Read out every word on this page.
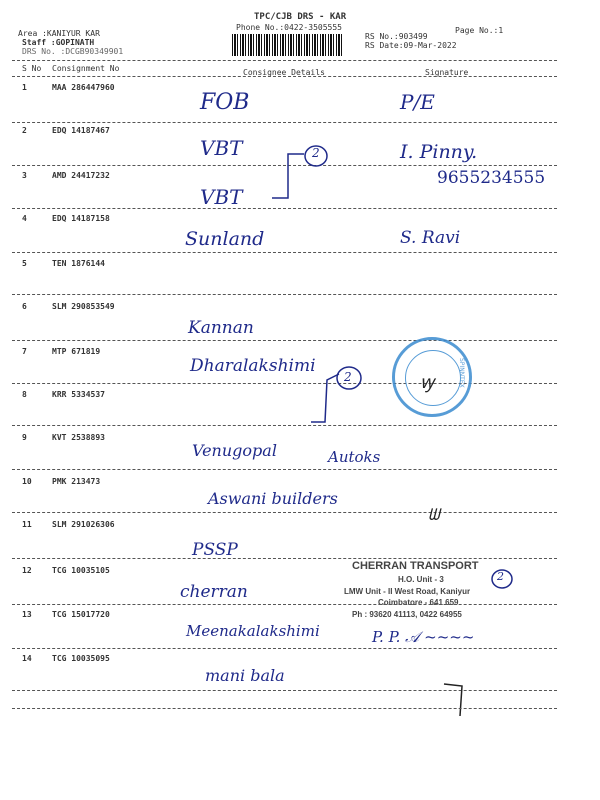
TPC/CJB DRS - KAR
Phone No.:0422-3505555
Area :KANIYUR KAR
Staff :GOPINATH
DRS No. :DCGB90349901
RS No.:903499
RS Date:09-Mar-2022
Page No.:1
S No Consignment No	Consignee Details	Signature
1	MAA 286447960
FOB	P/E
2	EDQ 14187467
VBT	I. Pinny.
9655234555
3	AMD 24417232
VBT
2
4	EDQ 14187158
Sunland	S. Ravi
5	TEN 1876144
6	SLM 290853549
Kannan
7	MTP 671819
Dharalakshimi
2
8	KRR 5334537
SPINNTEX
ꝡ
9	KVT 2538893
Venugopal	Autoks
10	PMK 213473
Aswani builders
ᗯ
11	SLM 291026306
PSSP
CHERRAN TRANSPORT
H.O. Unit - 3
LMW Unit - II West Road, Kaniyur
Coimbatore - 641 659
Ph : 93620 41113, 0422 64955
2
12	TCG 10035105
cherran
13	TCG 15017720
Meenakalakshimi	P. P. 𝒜 ~~~~
14	TCG 10035095
mani bala
